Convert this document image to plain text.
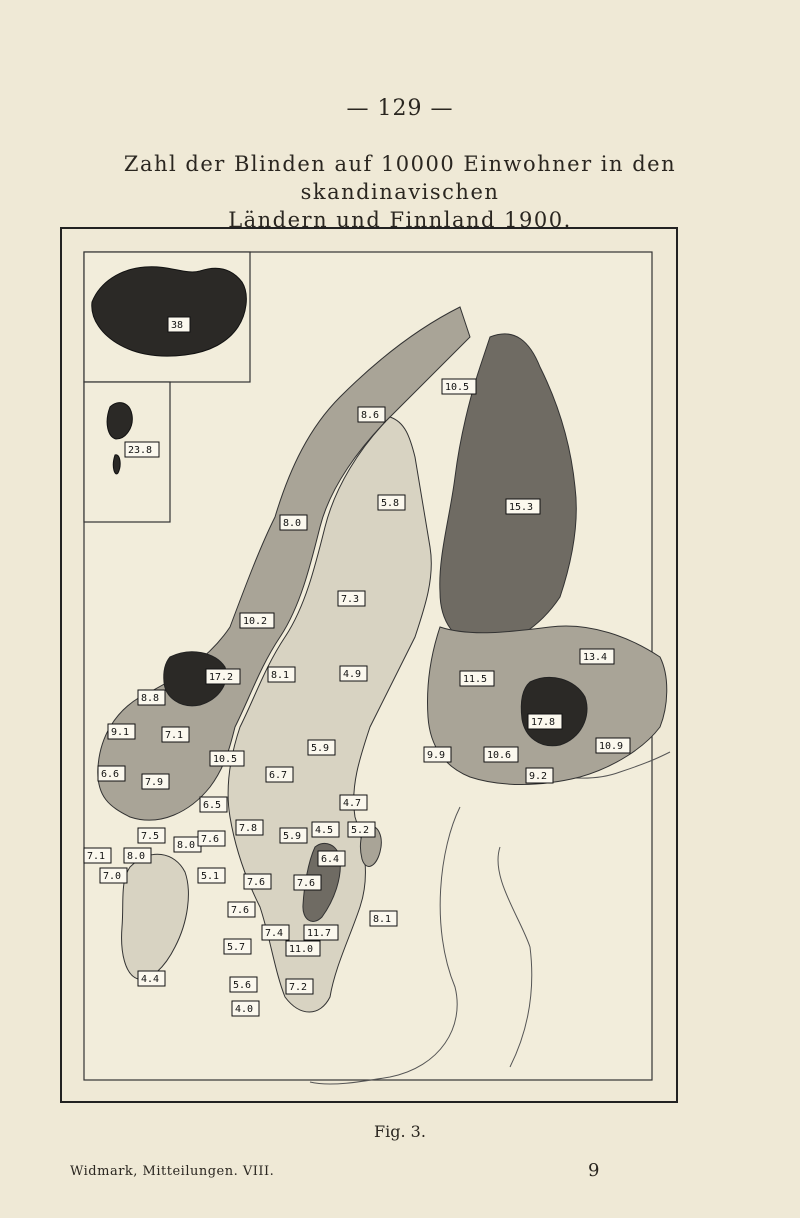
— 129 —
Zahl der Blinden auf 10000 Einwohner in den skandinavischen
Ländern und Finnland 1900.
38
23.8
10.5
8.6
5.8	15.3
8.0
7.3
10.2
13.4
17.2	8.1	4.9	11.5
8.8
9.1	7.1
17.8
10.5
5.9
9.9	10.6
10.9
6.6
7.9
6.7	9.2
6.5	4.7
7.5
7.8
8.0
7.6	5.9
4.5 5.2
7.1 8.0	6.4
7.0	5.1
7.6	7.6
7.6
8.1
7.4 11.7
5.7	11.0
4.4
5.6	7.2
4.0
Fig. 3.
Widmark, Mitteilungen. VIII.	9
